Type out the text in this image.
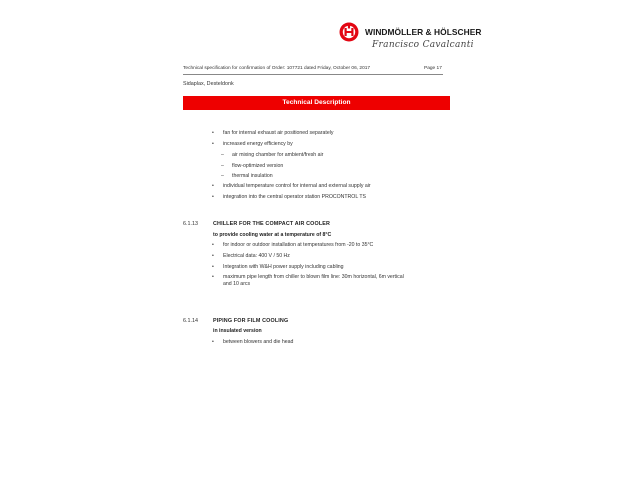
WINDMÖLLER & HÖLSCHER
Francisco Cavalcanti
Technical specification for confirmation of Order: 107721 dated Friday, October 06, 2017	Page 17
Sidaplax, Desteldonk
Technical Description
• fan for internal exhaust air positioned separately
• increased energy efficiency by
– air mixing chamber for ambient/fresh air
– flow-optimized version
– thermal insulation
• individual temperature control for internal and external supply air
• integration into the central operator station PROCONTROL TS
6.1.13	CHILLER FOR THE COMPACT AIR COOLER
to provide cooling water at a temperature of 8°C
• for indoor or outdoor installation at temperatures from -20 to 35°C
• Electrical data: 400 V / 50 Hz
• Integration with W&H power supply including cabling
• maximum pipe length from chiller to blown film line: 30m horizontal, 6m vertical and 10 arcs
6.1.14	PIPING FOR FILM COOLING
in insulated version
• between blowers and die head
